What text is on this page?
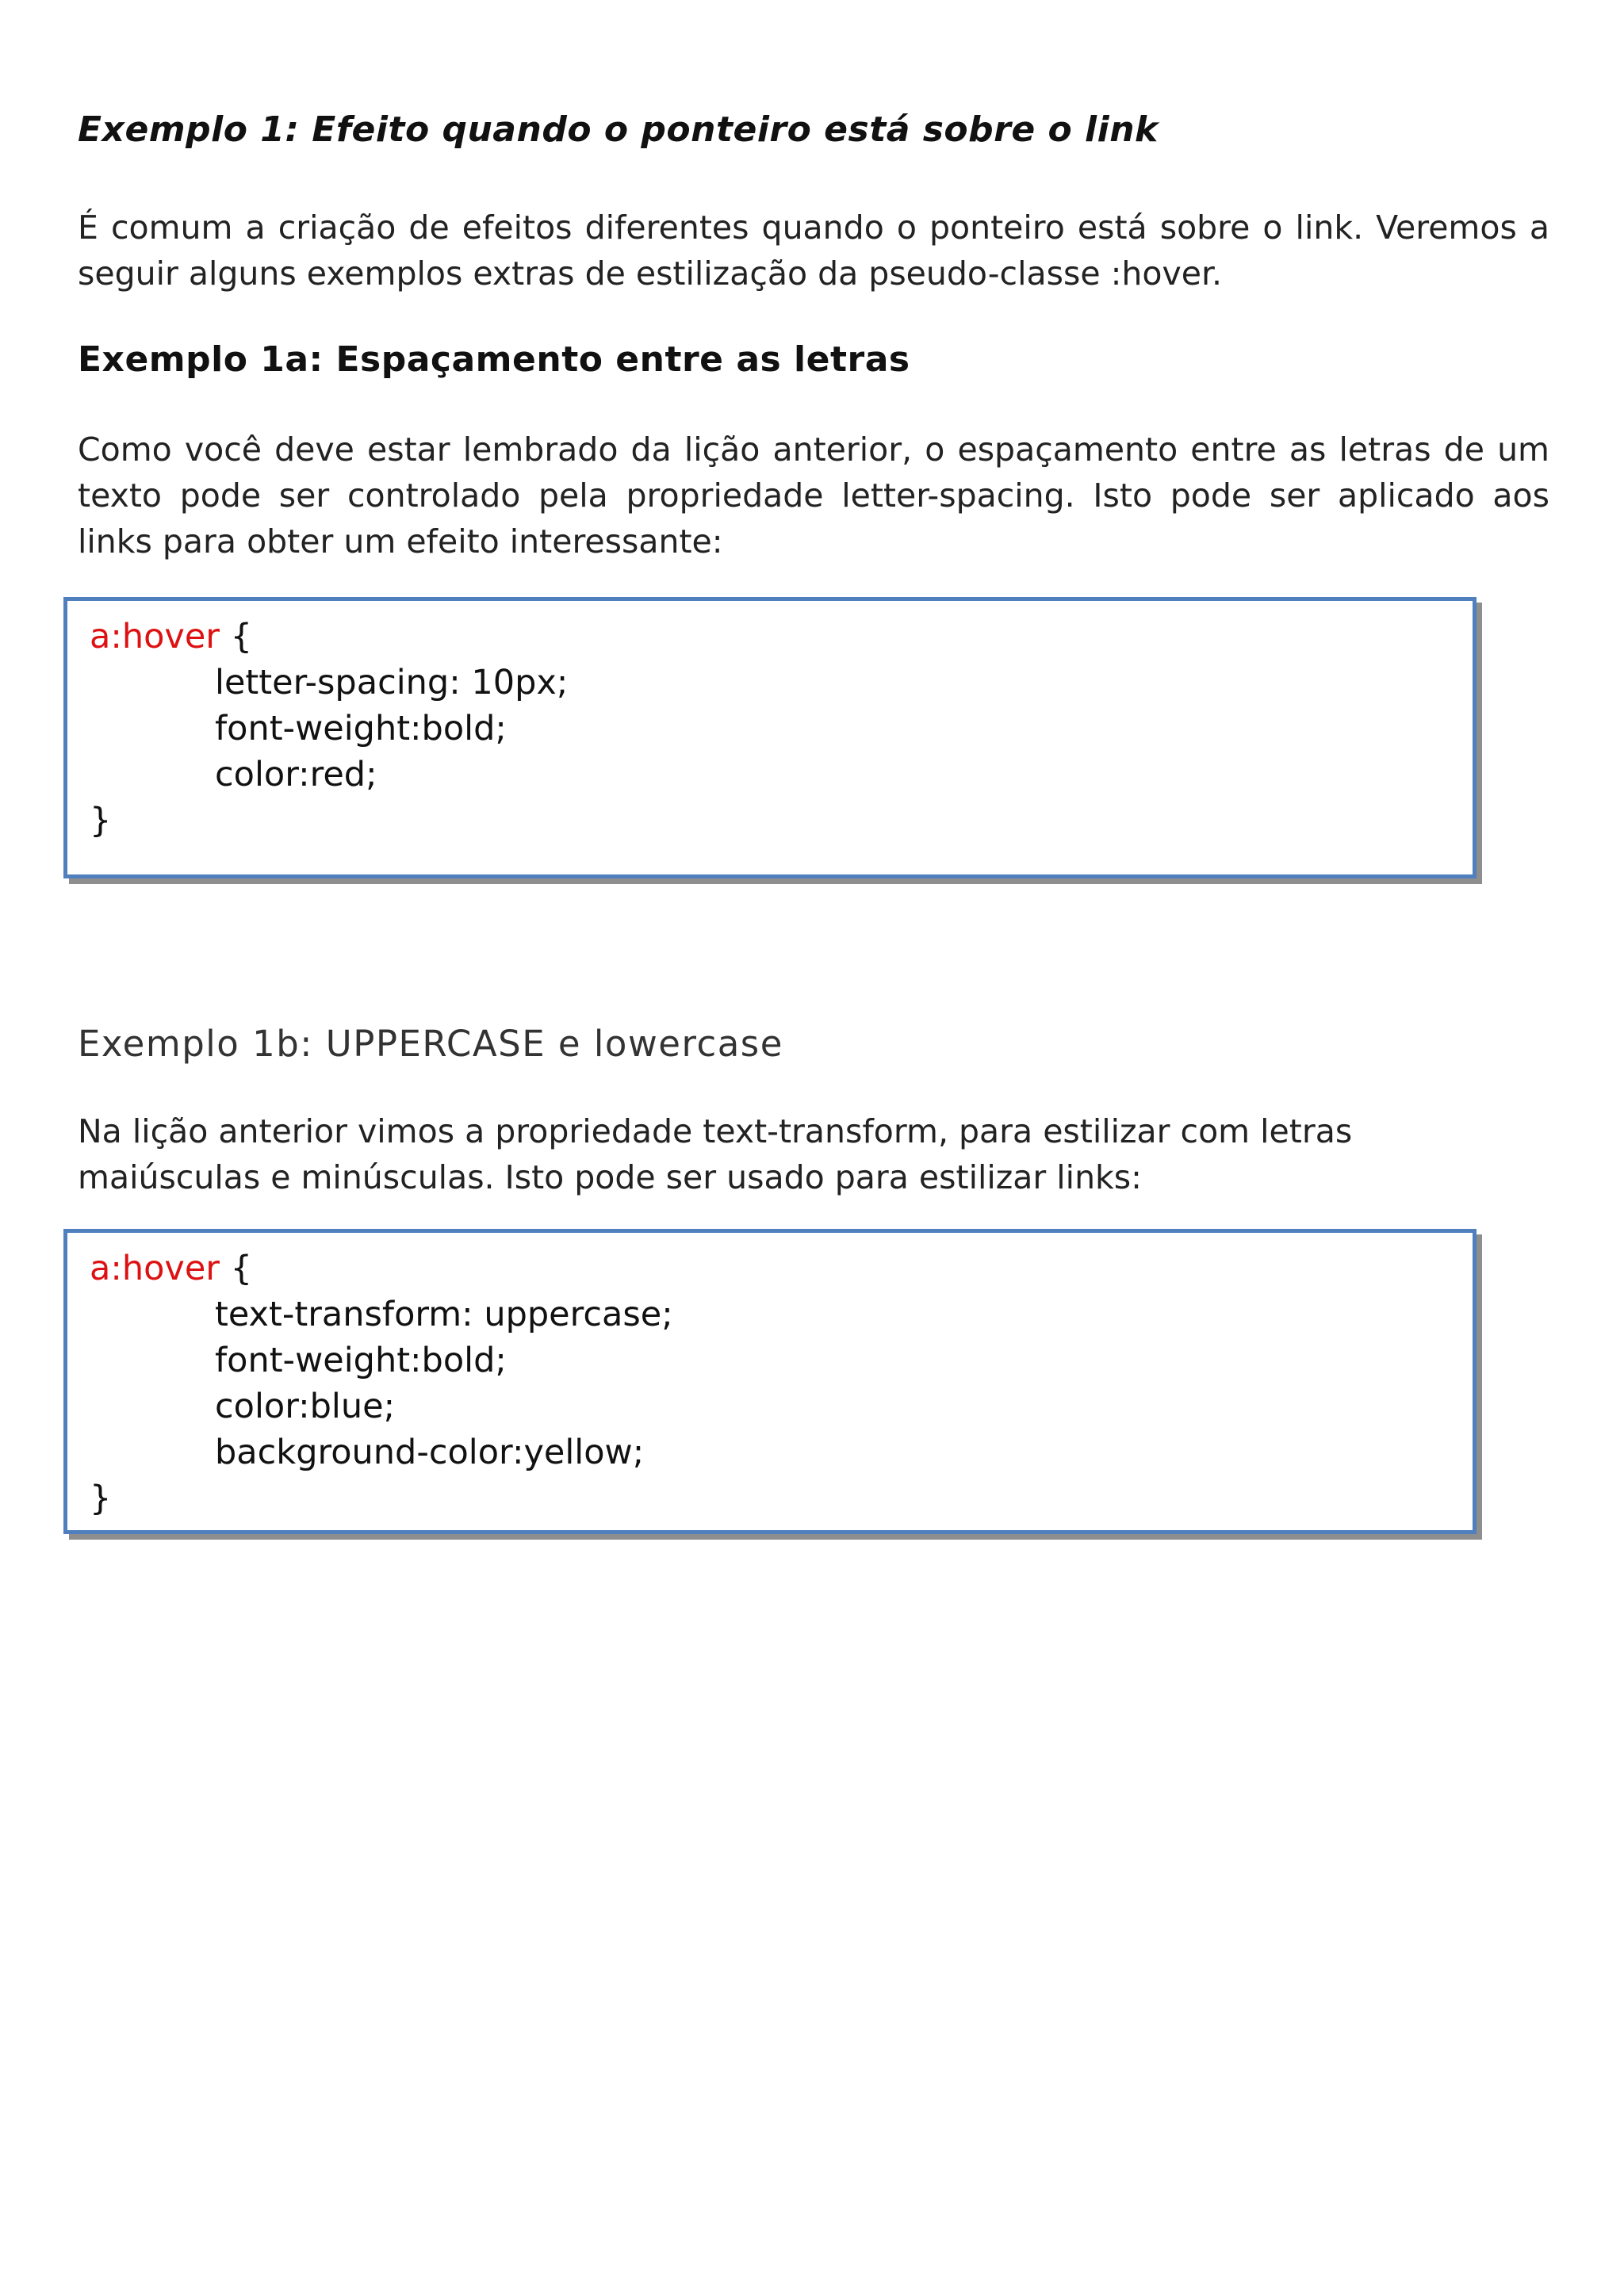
Exemplo 1: Efeito quando o ponteiro está sobre o link

É comum a criação de efeitos diferentes quando o ponteiro está sobre o link. Veremos a seguir alguns exemplos extras de estilização da pseudo-classe :hover.

Exemplo 1a: Espaçamento entre as letras

Como você deve estar lembrado da lição anterior, o espaçamento entre as letras de um texto pode ser controlado pela propriedade letter-spacing. Isto pode ser aplicado aos links para obter um efeito interessante:

a:hover {
letter-spacing: 10px;
font-weight:bold;
color:red;
}
Exemplo 1b: UPPERCASE e lowercase

Na lição anterior vimos a propriedade text-transform, para estilizar com letras maiúsculas e minúsculas. Isto pode ser usado para estilizar links:

a:hover {
text-transform: uppercase;
font-weight:bold;
color:blue;
background-color:yellow;
}
